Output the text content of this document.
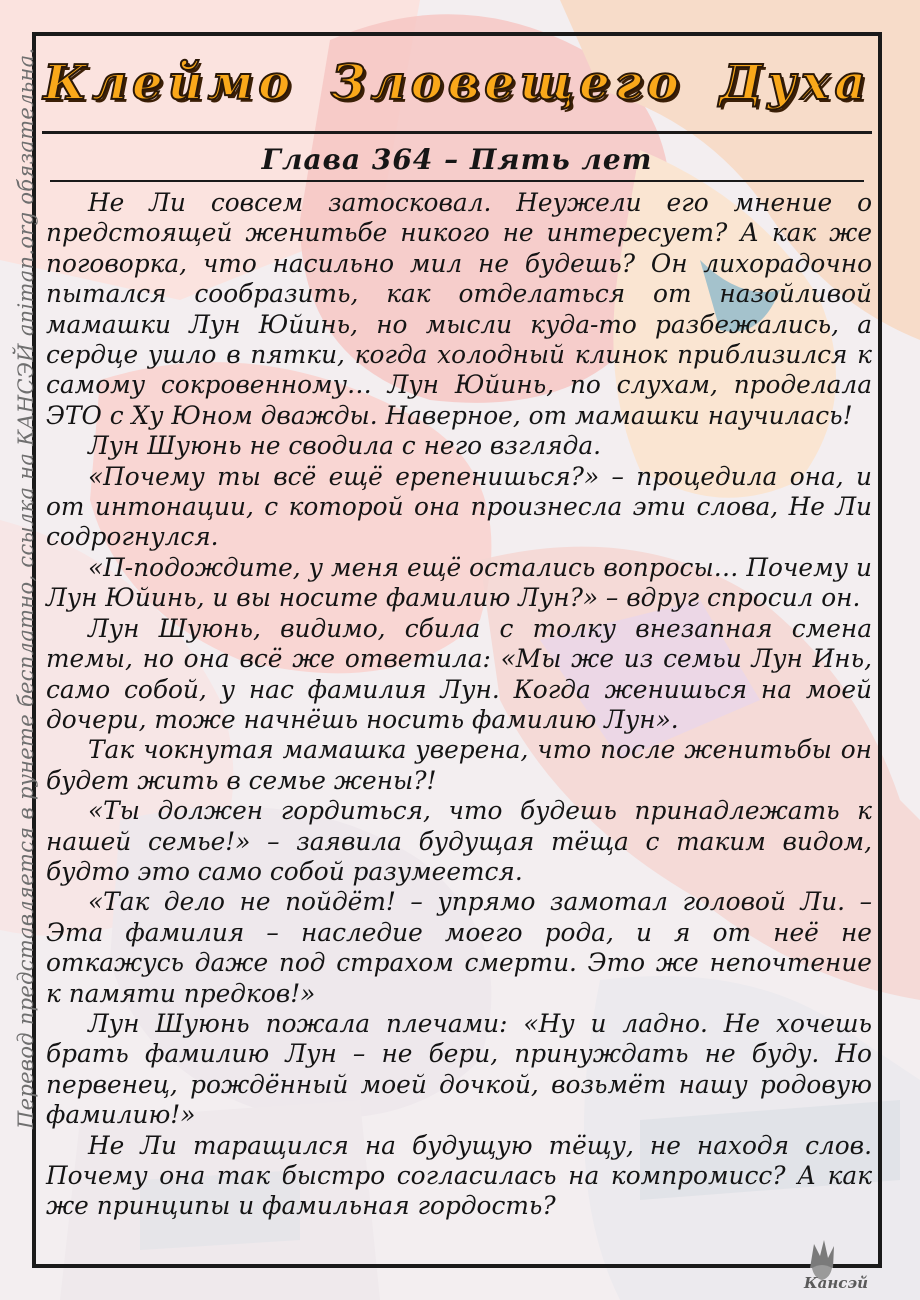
Перевод представляется в рунете бесплатно, ссылка на КАНСЭЙ animan.org обязательна. Клеймо Зловещего Духа
Глава 364 – Пять лет

Не Ли совсем затосковал. Неужели его мнение о предстоящей женитьбе никого не интересует? А как же поговорка, что насильно мил не будешь? Он лихорадочно пытался сообразить, как отделаться от назойливой мамашки Лун Юйинь, но мысли куда-то разбежались, а сердце ушло в пятки, когда холодный клинок приблизился к самому сокровенному… Лун Юйинь, по слухам, проделала ЭТО с Ху Юном дважды. Наверное, от мамашки научилась!

Лун Шуюнь не сводила с него взгляда.

«Почему ты всё ещё ерепенишься?» – процедила она, и от интонации, с которой она произнесла эти слова, Не Ли содрогнулся.

«П-подождите, у меня ещё остались вопросы… Почему и Лун Юйинь, и вы носите фамилию Лун?» – вдруг спросил он.

Лун Шуюнь, видимо, сбила с толку внезапная смена темы, но она всё же ответила: «Мы же из семьи Лун Инь, само собой, у нас фамилия Лун. Когда женишься на моей дочери, тоже начнёшь носить фамилию Лун».

Так чокнутая мамашка уверена, что после женитьбы он будет жить в семье жены?!

«Ты должен гордиться, что будешь принадлежать к нашей семье!» – заявила будущая тёща с таким видом, будто это само собой разумеется.

«Так дело не пойдёт! – упрямо замотал головой Ли. – Эта фамилия – наследие моего рода, и я от неё не откажусь даже под страхом смерти. Это же непочтение к памяти предков!»

Лун Шуюнь пожала плечами: «Ну и ладно. Не хочешь брать фамилию Лун – не бери, принуждать не буду. Но первенец, рождённый моей дочкой, возьмёт нашу родовую фамилию!»

Не Ли таращился на будущую тёщу, не находя слов. Почему она так быстро согласилась на компромисс? А как же принципы и фамильная гордость?

Кансэй
